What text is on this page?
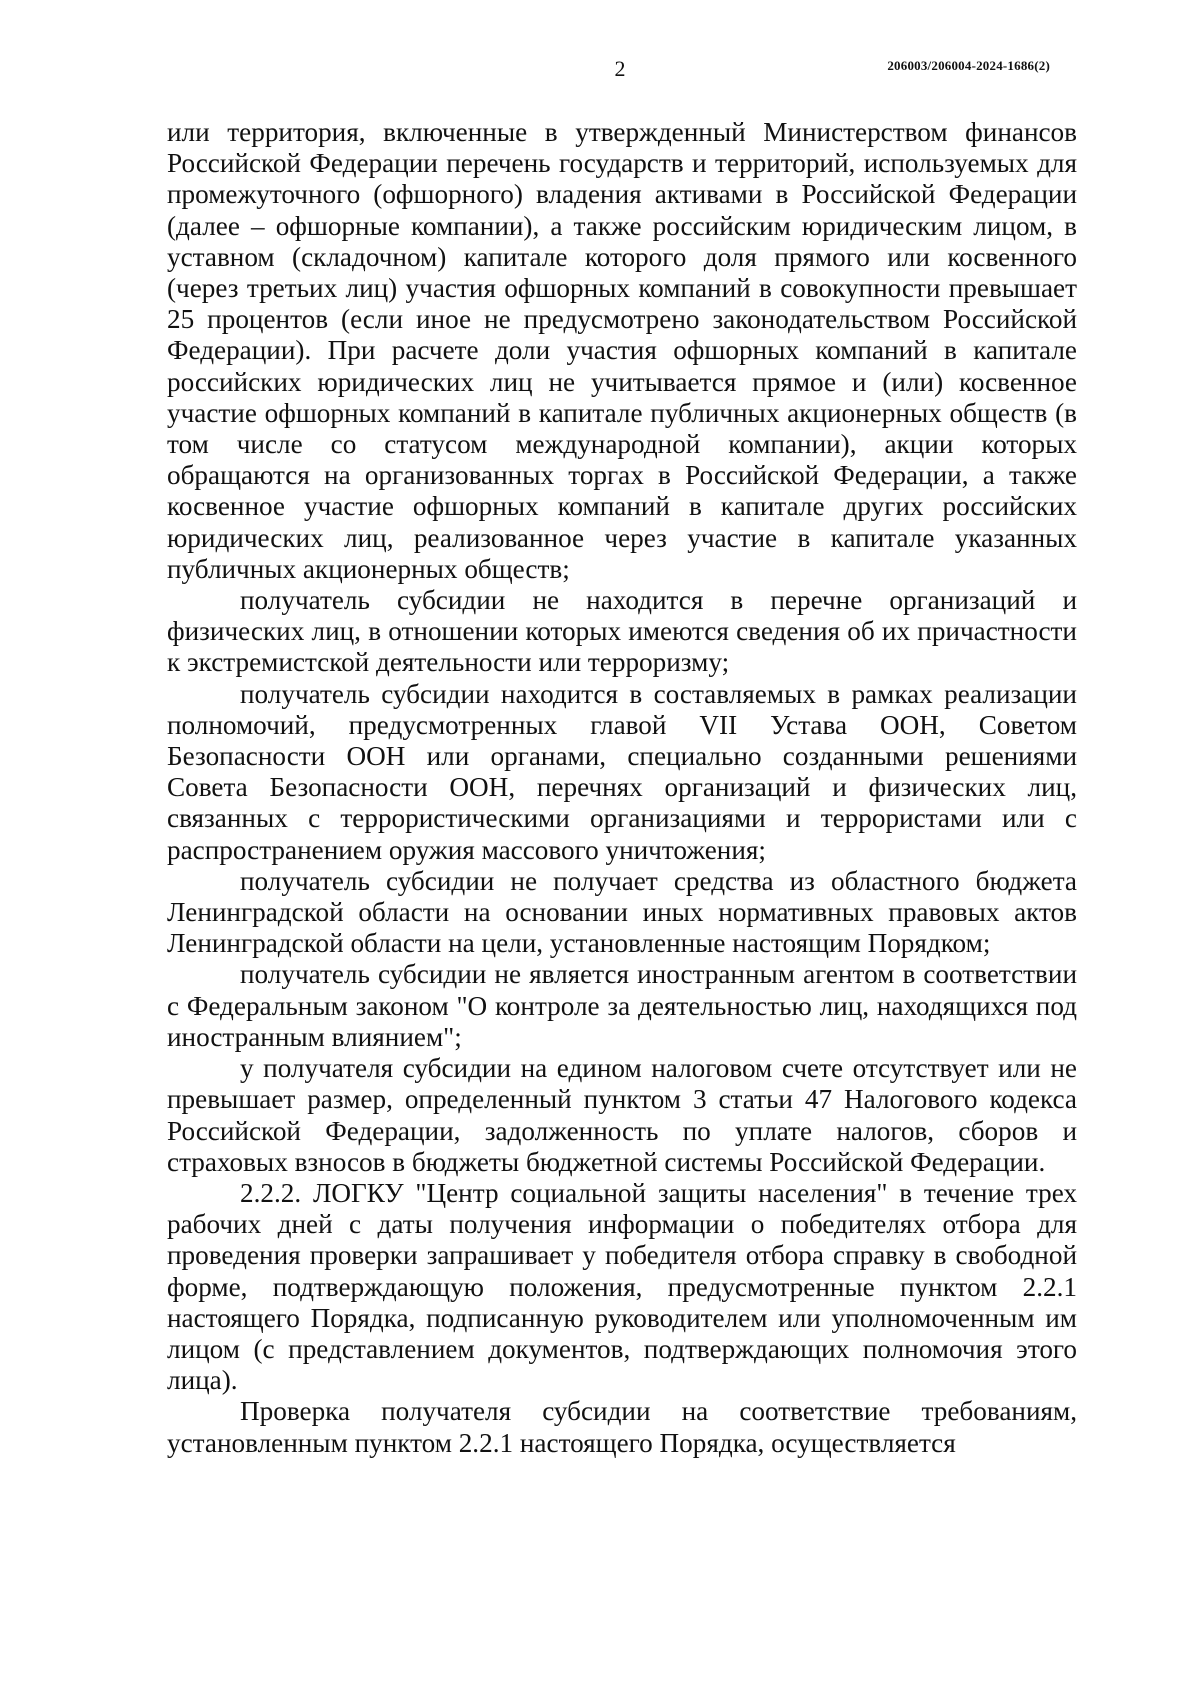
2	206003/206004-2024-1686(2)

или территория, включенные в утвержденный Министерством финансов Российской Федерации перечень государств и территорий, используемых для промежуточного (офшорного) владения активами в Российской Федерации (далее – офшорные компании), а также российским юридическим лицом, в уставном (складочном) капитале которого доля прямого или косвенного (через третьих лиц) участия офшорных компаний в совокупности превышает 25 процентов (если иное не предусмотрено законодательством Российской Федерации). При расчете доли участия офшорных компаний в капитале российских юридических лиц не учитывается прямое и (или) косвенное участие офшорных компаний в капитале публичных акционерных обществ (в том числе со статусом международной компании), акции которых обращаются на организованных торгах в Российской Федерации, а также косвенное участие офшорных компаний в капитале других российских юридических лиц, реализованное через участие в капитале указанных публичных акционерных обществ;

получатель субсидии не находится в перечне организаций и физических лиц, в отношении которых имеются сведения об их причастности к экстремистской деятельности или терроризму;

получатель субсидии находится в составляемых в рамках реализации полномочий, предусмотренных главой VII Устава ООН, Советом Безопасности ООН или органами, специально созданными решениями Совета Безопасности ООН, перечнях организаций и физических лиц, связанных с террористическими организациями и террористами или с распространением оружия массового уничтожения;

получатель субсидии не получает средства из областного бюджета Ленинградской области на основании иных нормативных правовых актов Ленинградской области на цели, установленные настоящим Порядком;

получатель субсидии не является иностранным агентом в соответствии с Федеральным законом "О контроле за деятельностью лиц, находящихся под иностранным влиянием";

у получателя субсидии на едином налоговом счете отсутствует или не превышает размер, определенный пунктом 3 статьи 47 Налогового кодекса Российской Федерации, задолженность по уплате налогов, сборов и страховых взносов в бюджеты бюджетной системы Российской Федерации.

2.2.2. ЛОГКУ "Центр социальной защиты населения" в течение трех рабочих дней с даты получения информации о победителях отбора для проведения проверки запрашивает у победителя отбора справку в свободной форме, подтверждающую положения, предусмотренные пунктом 2.2.1 настоящего Порядка, подписанную руководителем или уполномоченным им лицом (с представлением документов, подтверждающих полномочия этого лица).

Проверка получателя субсидии на соответствие требованиям, установленным пунктом 2.2.1 настоящего Порядка, осуществляется
